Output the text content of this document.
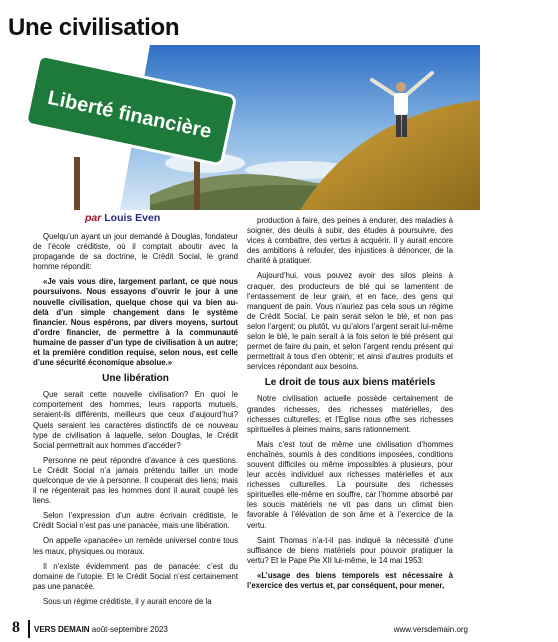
Une civilisation d’hommes libérés financièrement
Liberté financière
par Louis Even

Quelqu’un ayant un jour demandé à Douglas, fondateur de l’école créditiste, où il comptait aboutir avec la propagande de sa doctrine, le Crédit Social, le grand homme répondit:

«Je vais vous dire, largement parlant, ce que nous poursuivons. Nous essayons d’ouvrir le jour à une nouvelle civilisation, quelque chose qui va bien au-delà d’un simple changement dans le système financier. Nous espérons, par divers moyens, surtout d’ordre financier, de permettre à la communauté humaine de passer d’un type de civilisation à un autre; et la première condition requise, selon nous, est celle d’une sécurité économique absolue.»

Une libération

Que serait cette nouvelle civilisation? En quoi le comportement des hommes, leurs rapports mutuels, seraient-ils différents, meilleurs que ceux d’aujourd’hui? Quels seraient les caractères distinctifs de ce nouveau type de civilisation à laquelle, selon Douglas, le Crédit Social permettrait aux hommes d’accéder?

Personne ne peut répondre d’avance à ces questions. Le Crédit Social n’a jamais prétendu tailler un mode quelconque de vie à personne. Il couperait des liens; mais il ne régenterait pas les hommes dont il aurait coupé les liens.

Selon l’expression d’un autre écrivain créditiste, le Crédit Social n’est pas une panacée, mais une libération.

On appelle «panacée» un remède universel contre tous les maux, physiques ou moraux.

Il n’existe évidemment pas de panacée: c’est du domaine de l’utopie. Et le Crédit Social n’est certainement pas une panacée.

Sous un régime créditiste, il y aurait encore de la

production à faire, des peines à endurer, des maladies à soigner, des deuils à subir, des études à poursuivre, des vices à combattre, des vertus à acquérir. Il y aurait encore des ambitions à refouler, des injustices à dénoncer, de la charité à pratiquer.

Aujourd’hui, vous pouvez avoir des silos pleins à craquer, des producteurs de blé qui se lamentent de l’entassement de leur grain, et en face, des gens qui manquent de pain. Vous n’auriez pas cela sous un régime de Crédit Social. Le pain serait selon le blé, et non pas selon l’argent; ou plutôt, vu qu’alors l’argent serait lui-même selon le blé, le pain serait à la fois selon le blé présent qui permet de faire du pain, et selon l’argent rendu présent qui permettrait à tous d’en obtenir; et ainsi d’autres produits et services répondant aux besoins.

Le droit de tous aux biens matériels

Notre civilisation actuelle possède certainement de grandes richesses, des richesses matérielles, des richesses culturelles; et l’Eglise nous offre ses richesses spirituelles à pleines mains, sans rationnement.

Mais c’est tout de même une civilisation d’hommes enchaînés, soumis à des conditions imposées, conditions souvent difficiles ou même impossibles à plusieurs, pour leur accès individuel aux richesses matérielles et aux richesses culturelles. La poursuite des richesses spirituelles elle-même en souffre, car l’homme absorbé par les soucis matériels ne vit pas dans un climat bien favorable à l’élévation de son âme et à l’exercice de la vertu.

Saint Thomas n’a-t-il pas indiqué la nécessité d’une suffisance de biens matériels pour pouvoir pratiquer la vertu? Et le Pape Pie XII lui-même, le 14 mai 1953:

«L’usage des biens temporels est nécessaire à l’exercice des vertus et, par conséquent, pour mener,

8 VERS DEMAIN août-septembre 2023	www.versdemain.org
